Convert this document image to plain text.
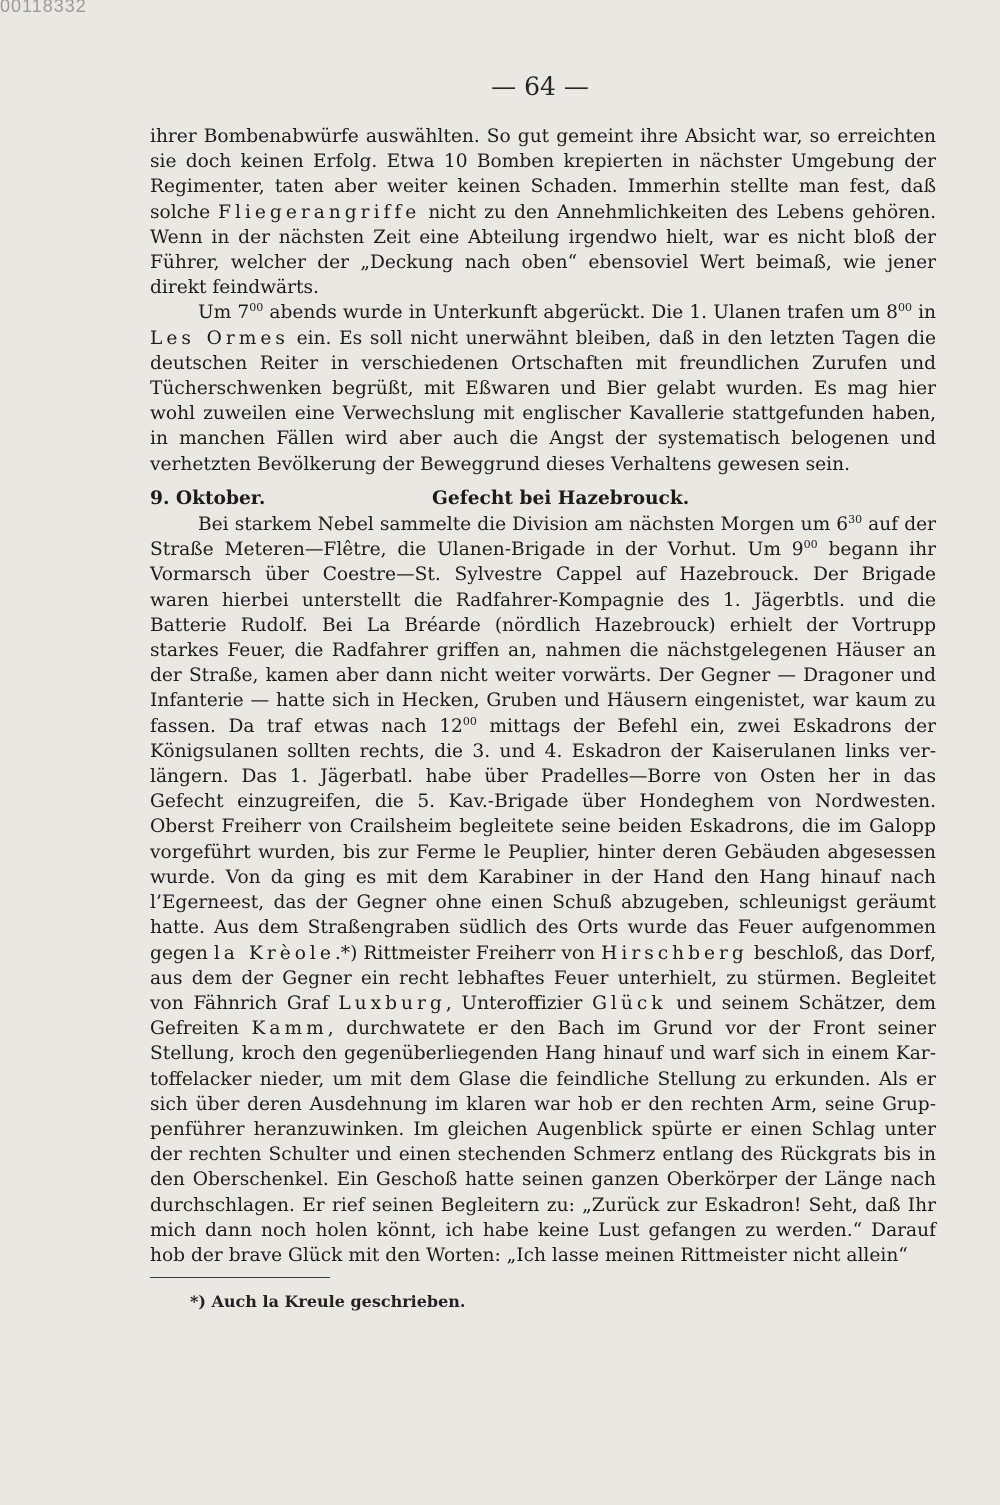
00118332
— 64 —

ihrer Bombenabwürfe auswählten. So gut gemeint ihre Absicht war, so erreichten sie doch keinen Erfolg. Etwa 10 Bomben krepierten in nächster Umgebung der Regimenter, taten aber weiter keinen Schaden. Immerhin stellte man fest, daß solche Fliegerangriffe nicht zu den Annehmlichkeiten des Lebens gehören. Wenn in der nächsten Zeit eine Abteilung irgendwo hielt, war es nicht bloß der Führer, welcher der „Deckung nach oben“ ebensoviel Wert beimaß, wie jener direkt feindwärts.

Um $7^{00}$ abends wurde in Unterkunft abgerückt. Die 1. Ulanen trafen um $8^{00}$ in Les Ormes ein. Es soll nicht unerwähnt bleiben, daß in den letzten Tagen die deutschen Reiter in verschiedenen Ortschaften mit freundlichen Zurufen und Tücherschwenken begrüßt, mit Eßwaren und Bier gelabt wurden. Es mag hier wohl zuweilen eine Verwechslung mit englischer Kavallerie stattgefunden haben, in manchen Fällen wird aber auch die Angst der systematisch belogenen und verhetzten Bevölkerung der Beweggrund dieses Verhaltens gewesen sein.

9. Oktober.	Gefecht bei Hazebrouck.

Bei starkem Nebel sammelte die Division am nächsten Morgen um $6^{30}$ auf der Straße Meteren—Flêtre, die Ulanen-Brigade in der Vorhut. Um $9^{00}$ begann ihr Vormarsch über Coestre—St. Sylvestre Cappel auf Hazebrouck. Der Brigade waren hierbei unterstellt die Radfahrer-Kompagnie des 1. Jägerbtls. und die Batterie Rudolf. Bei La Bréarde (nördlich Hazebrouck) erhielt der Vortrupp starkes Feuer, die Radfahrer griffen an, nahmen die nächstgelegenen Häuser an der Straße, kamen aber dann nicht weiter vorwärts. Der Gegner — Dragoner und Infanterie — hatte sich in Hecken, Gruben und Häusern eingenistet, war kaum zu fassen. Da traf etwas nach $12^{00}$ mittags der Befehl ein, zwei Eskadrons der Königsulanen sollten rechts, die 3. und 4. Eskadron der Kaiserulanen links verlängern. Das 1. Jägerbatl. habe über Pradelles—Borre von Osten her in das Gefecht einzugreifen, die 5. Kav.-Brigade über Hondeghem von Nordwesten. Oberst Freiherr von Crailsheim begleitete seine beiden Eskadrons, die im Galopp vorgeführt wurden, bis zur Ferme le Peuplier, hinter deren Gebäuden abgesessen wurde. Von da ging es mit dem Karabiner in der Hand den Hang hinauf nach l’Egerneest, das der Gegner ohne einen Schuß abzugeben, schleunigst geräumt hatte. Aus dem Straßengraben südlich des Orts wurde das Feuer aufgenommen gegen la Krèole.*) Rittmeister Freiherr von Hirschberg beschloß, das Dorf, aus dem der Gegner ein recht lebhaftes Feuer unterhielt, zu stürmen. Begleitet von Fähnrich Graf Luxburg, Unteroffizier Glück und seinem Schätzer, dem Gefreiten Kamm, durchwatete er den Bach im Grund vor der Front seiner Stellung, kroch den gegenüberliegenden Hang hinauf und warf sich in einem Kartoffelacker nieder, um mit dem Glase die feindliche Stellung zu erkunden. Als er sich über deren Ausdehnung im klaren war hob er den rechten Arm, seine Gruppenführer heranzuwinken. Im gleichen Augenblick spürte er einen Schlag unter der rechten Schulter und einen stechenden Schmerz entlang des Rückgrats bis in den Oberschenkel. Ein Geschoß hatte seinen ganzen Oberkörper der Länge nach durchschlagen. Er rief seinen Begleitern zu: „Zurück zur Eskadron! Seht, daß Ihr mich dann noch holen könnt, ich habe keine Lust gefangen zu werden.“ Darauf hob der brave Glück mit den Worten: „Ich lasse meinen Rittmeister nicht allein“

*) Auch la Kreule geschrieben.
